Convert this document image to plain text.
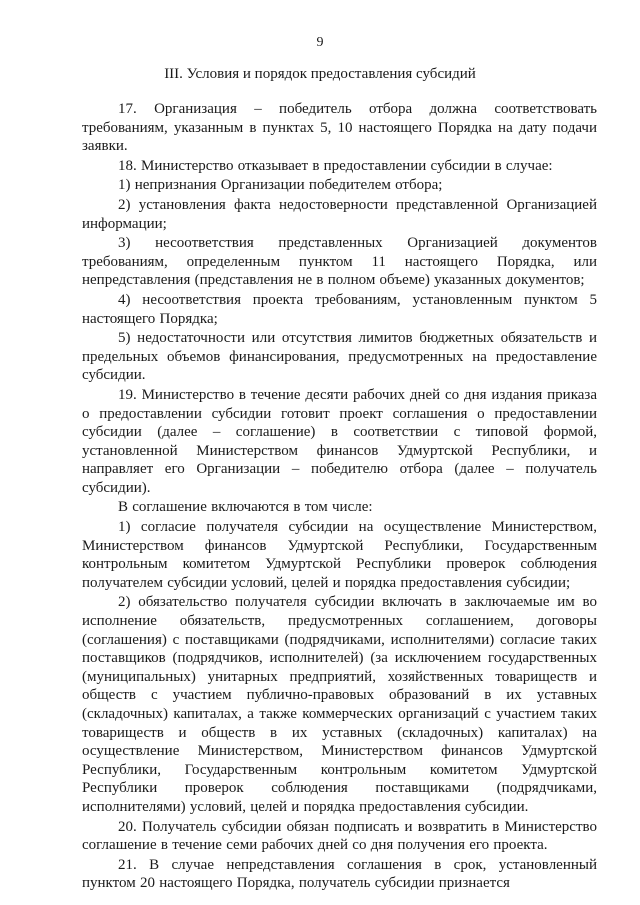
9
III. Условия и порядок предоставления субсидий

17. Организация – победитель отбора должна соответствовать требованиям, указанным в пунктах 5, 10 настоящего Порядка на дату подачи заявки.

18. Министерство отказывает в предоставлении субсидии в случае:

1) непризнания Организации победителем отбора;

2) установления факта недостоверности представленной Организацией информации;

3) несоответствия представленных Организацией документов требованиям, определенным пунктом 11 настоящего Порядка, или непредставления (представления не в полном объеме) указанных документов;

4) несоответствия проекта требованиям, установленным пунктом 5 настоящего Порядка;

5) недостаточности или отсутствия лимитов бюджетных обязательств и предельных объемов финансирования, предусмотренных на предоставление субсидии.

19. Министерство в течение десяти рабочих дней со дня издания приказа о предоставлении субсидии готовит проект соглашения о предоставлении субсидии (далее – соглашение) в соответствии с типовой формой, установленной Министерством финансов Удмуртской Республики, и направляет его Организации – победителю отбора (далее – получатель субсидии).

В соглашение включаются в том числе:

1) согласие получателя субсидии на осуществление Министерством, Министерством финансов Удмуртской Республики, Государственным контрольным комитетом Удмуртской Республики проверок соблюдения получателем субсидии условий, целей и порядка предоставления субсидии;

2) обязательство получателя субсидии включать в заключаемые им во исполнение обязательств, предусмотренных соглашением, договоры (соглашения) с поставщиками (подрядчиками, исполнителями) согласие таких поставщиков (подрядчиков, исполнителей) (за исключением государственных (муниципальных) унитарных предприятий, хозяйственных товариществ и обществ с участием публично-правовых образований в их уставных (складочных) капиталах, а также коммерческих организаций с участием таких товариществ и обществ в их уставных (складочных) капиталах) на осуществление Министерством, Министерством финансов Удмуртской Республики, Государственным контрольным комитетом Удмуртской Республики проверок соблюдения поставщиками (подрядчиками, исполнителями) условий, целей и порядка предоставления субсидии.

20. Получатель субсидии обязан подписать и возвратить в Министерство соглашение в течение семи рабочих дней со дня получения его проекта.

21. В случае непредставления соглашения в срок, установленный пунктом 20 настоящего Порядка, получатель субсидии признается
